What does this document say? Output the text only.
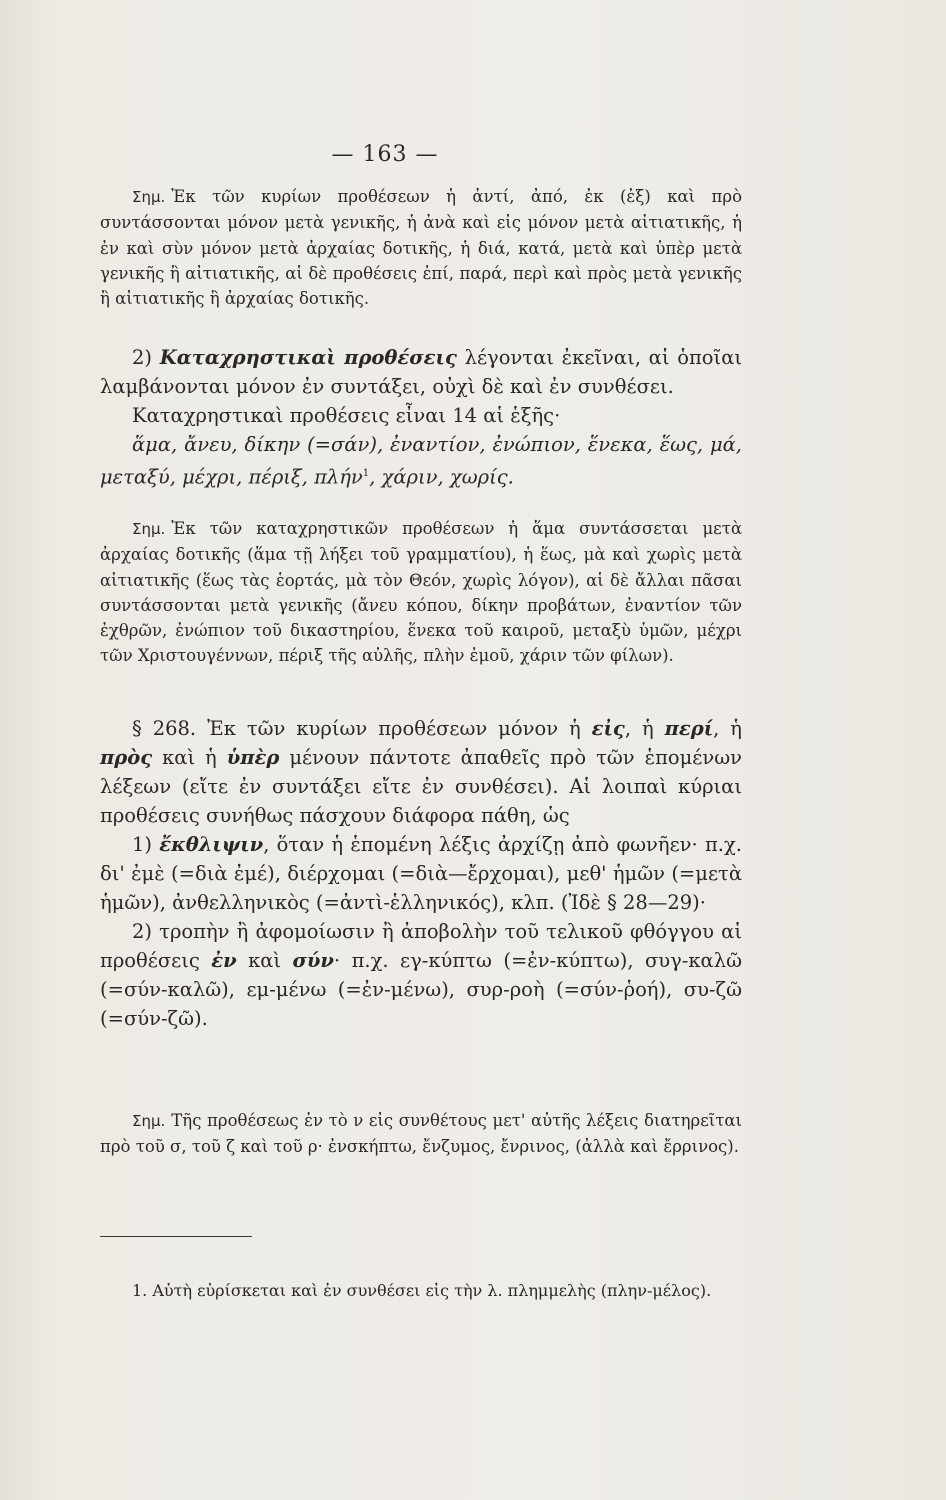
— 163 —

Σημ. Ἐκ τῶν κυρίων προθέσεων ἡ ἀντί, ἀπό, ἐκ (ἐξ) καὶ πρὸ συντάσσονται μόνον μετὰ γενικῆς, ἡ ἀνὰ καὶ εἰς μόνον μετὰ αἰτιατικῆς, ἡ ἐν καὶ σὺν μόνον μετὰ ἀρχαίας δοτικῆς, ἡ διά, κατά, μετὰ καὶ ὑπὲρ μετὰ γενικῆς ἢ αἰτιατικῆς, αἱ δὲ προθέσεις ἐπί, παρά, περὶ καὶ πρὸς μετὰ γενικῆς ἢ αἰτιατικῆς ἢ ἀρχαίας δοτικῆς.

2) Καταχρηστικαὶ προθέσεις λέγονται ἐκεῖναι, αἱ ὁποῖαι λαμβάνονται μόνον ἐν συντάξει, οὐχὶ δὲ καὶ ἐν συνθέσει.

Καταχρηστικαὶ προθέσεις εἶναι 14 αἱ ἑξῆς·

ἅμα, ἄνευ, δίκην (=σάν), ἐναντίον, ἐνώπιον, ἕνεκα, ἕως, μά, μεταξύ, μέχρι, πέριξ, πλήν$^1$, χάριν, χωρίς.

Σημ. Ἐκ τῶν καταχρηστικῶν προθέσεων ἡ ἅμα συντάσσεται μετὰ ἀρχαίας δοτικῆς (ἅμα τῇ λήξει τοῦ γραμματίου), ἡ ἕως, μὰ καὶ χωρὶς μετὰ αἰτιατικῆς (ἕως τὰς ἑορτάς, μὰ τὸν Θεόν, χωρὶς λόγον), αἱ δὲ ἄλλαι πᾶσαι συντάσσονται μετὰ γενικῆς (ἄνευ κόπου, δίκην προβάτων, ἐναντίον τῶν ἐχθρῶν, ἐνώπιον τοῦ δικαστηρίου, ἕνεκα τοῦ καιροῦ, μεταξὺ ὑμῶν, μέχρι τῶν Χριστουγέννων, πέριξ τῆς αὐλῆς, πλὴν ἐμοῦ, χάριν τῶν φίλων).

§ 268. Ἐκ τῶν κυρίων προθέσεων μόνον ἡ εἰς, ἡ περί, ἡ πρὸς καὶ ἡ ὑπὲρ μένουν πάντοτε ἀπαθεῖς πρὸ τῶν ἑπομένων λέξεων (εἴτε ἐν συντάξει εἴτε ἐν συνθέσει). Αἱ λοιπαὶ κύριαι προθέσεις συνήθως πάσχουν διάφορα πάθη, ὡς

1) ἔκθλιψιν, ὅταν ἡ ἑπομένη λέξις ἀρχίζῃ ἀπὸ φωνῆεν· π.χ. δι' ἐμὲ (=διὰ ἐμέ), διέρχομαι (=διὰ—ἔρχομαι), μεθ' ἡμῶν (=μετὰ ἡμῶν), ἀνθελληνικὸς (=ἀντὶ-ἑλληνικός), κλπ. (Ἰδὲ § 28—29)·

2) τροπὴν ἢ ἀφομοίωσιν ἢ ἀποβολὴν τοῦ τελικοῦ φθόγγου αἱ προθέσεις ἐν καὶ σύν· π.χ. εγ-κύπτω (=ἐν-κύπτω), συγ-καλῶ (=σύν-καλῶ), εμ-μένω (=ἐν-μένω), συρ-ροὴ (=σύν-ῥοή), συ-ζῶ (=σύν-ζῶ).

Σημ. Τῆς προθέσεως ἐν τὸ ν εἰς συνθέτους μετ' αὐτῆς λέξεις διατηρεῖται πρὸ τοῦ σ, τοῦ ζ καὶ τοῦ ρ· ἐνσκήπτω, ἔνζυμος, ἔνρινος, (ἀλλὰ καὶ ἔρρινος).

1. Αὐτὴ εὑρίσκεται καὶ ἐν συνθέσει εἰς τὴν λ. πλημμελὴς (πλην-μέλος).
